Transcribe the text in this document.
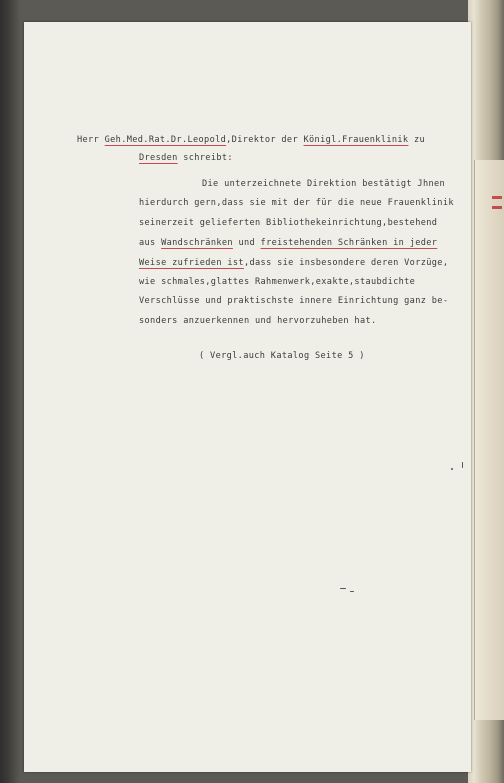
Herr Geh.Med.Rat.Dr.Leopold,Direktor der Königl.Frauenklinik zu
Dresden schreibt:
Die unterzeichnete Direktion bestätigt Jhnen
hierdurch gern,dass sie mit der für die neue Frauenklinik
seinerzeit gelieferten Bibliothekeinrichtung,bestehend
aus Wandschränken und freistehenden Schränken in jeder
Weise zufrieden ist,dass sie insbesondere deren Vorzüge,
wie schmales,glattes Rahmenwerk,exakte,staubdichte
Verschlüsse und praktischste innere Einrichtung ganz be-
sonders anzuerkennen und hervorzuheben hat.
( Vergl.auch Katalog Seite 5 )
